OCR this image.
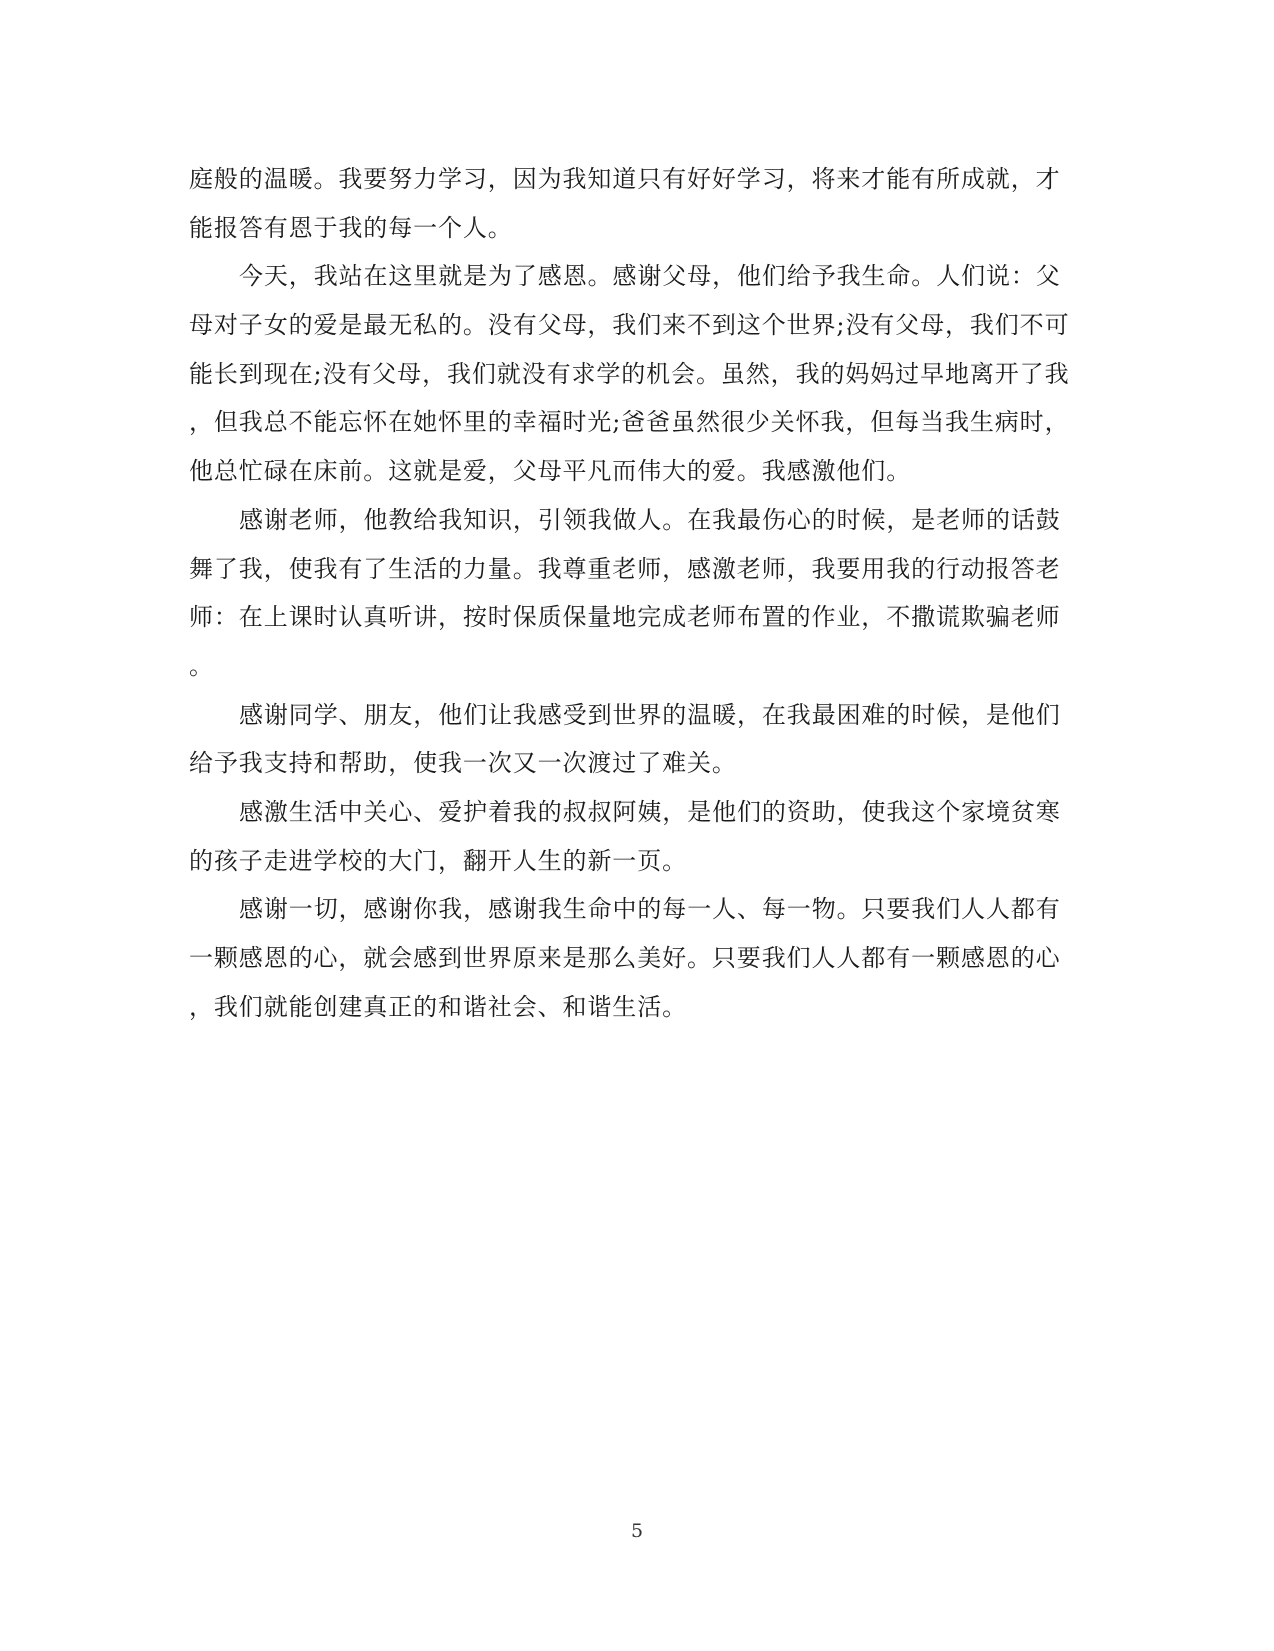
庭般的温暖。我要努力学习，因为我知道只有好好学习，将来才能有所成就，才
能报答有恩于我的每一个人。
今天，我站在这里就是为了感恩。感谢父母，他们给予我生命。人们说：父
母对子女的爱是最无私的。没有父母，我们来不到这个世界;没有父母，我们不可
能长到现在;没有父母，我们就没有求学的机会。虽然，我的妈妈过早地离开了我
，但我总不能忘怀在她怀里的幸福时光;爸爸虽然很少关怀我，但每当我生病时，
他总忙碌在床前。这就是爱，父母平凡而伟大的爱。我感激他们。
感谢老师，他教给我知识，引领我做人。在我最伤心的时候，是老师的话鼓
舞了我，使我有了生活的力量。我尊重老师，感激老师，我要用我的行动报答老
师：在上课时认真听讲，按时保质保量地完成老师布置的作业，不撒谎欺骗老师
。
感谢同学、朋友，他们让我感受到世界的温暖，在我最困难的时候，是他们
给予我支持和帮助，使我一次又一次渡过了难关。
感激生活中关心、爱护着我的叔叔阿姨，是他们的资助，使我这个家境贫寒
的孩子走进学校的大门，翻开人生的新一页。
感谢一切，感谢你我，感谢我生命中的每一人、每一物。只要我们人人都有
一颗感恩的心，就会感到世界原来是那么美好。只要我们人人都有一颗感恩的心
，我们就能创建真正的和谐社会、和谐生活。
5
